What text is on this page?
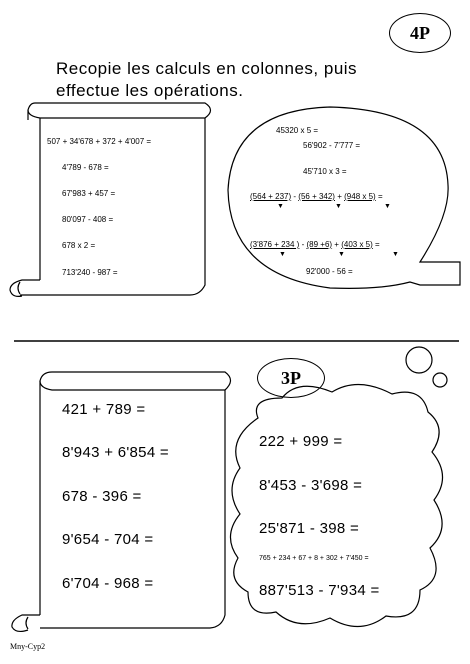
4P
Recopie les calculs en colonnes, puis effectue les opérations.
507 + 34'678 + 372 + 4'007 =
4'789 - 678 =
67'983 + 457 =
80'097 - 408 =
678 x 2 =
713'240 - 987 =
45320 x 5 =
56'902 - 7'777 =
45'710 x 3 =
(564 + 237) - (56 + 342) + (948 x 5) =
▼	▼	▼
(3'876 + 234 ) - (89 +6) + (403 x 5) =
▼	▼	▼
92'000 - 56 =
3P
421 + 789 =
8'943 + 6'854 =
678 - 396 =
9'654 - 704 =
6'704 - 968 =
222 + 999 =
8'453 - 3'698 =
25'871 - 398 =
765 + 234 + 67 + 8 + 302 + 7'450 =
887'513 - 7'934 =
Mny-Cyp2
